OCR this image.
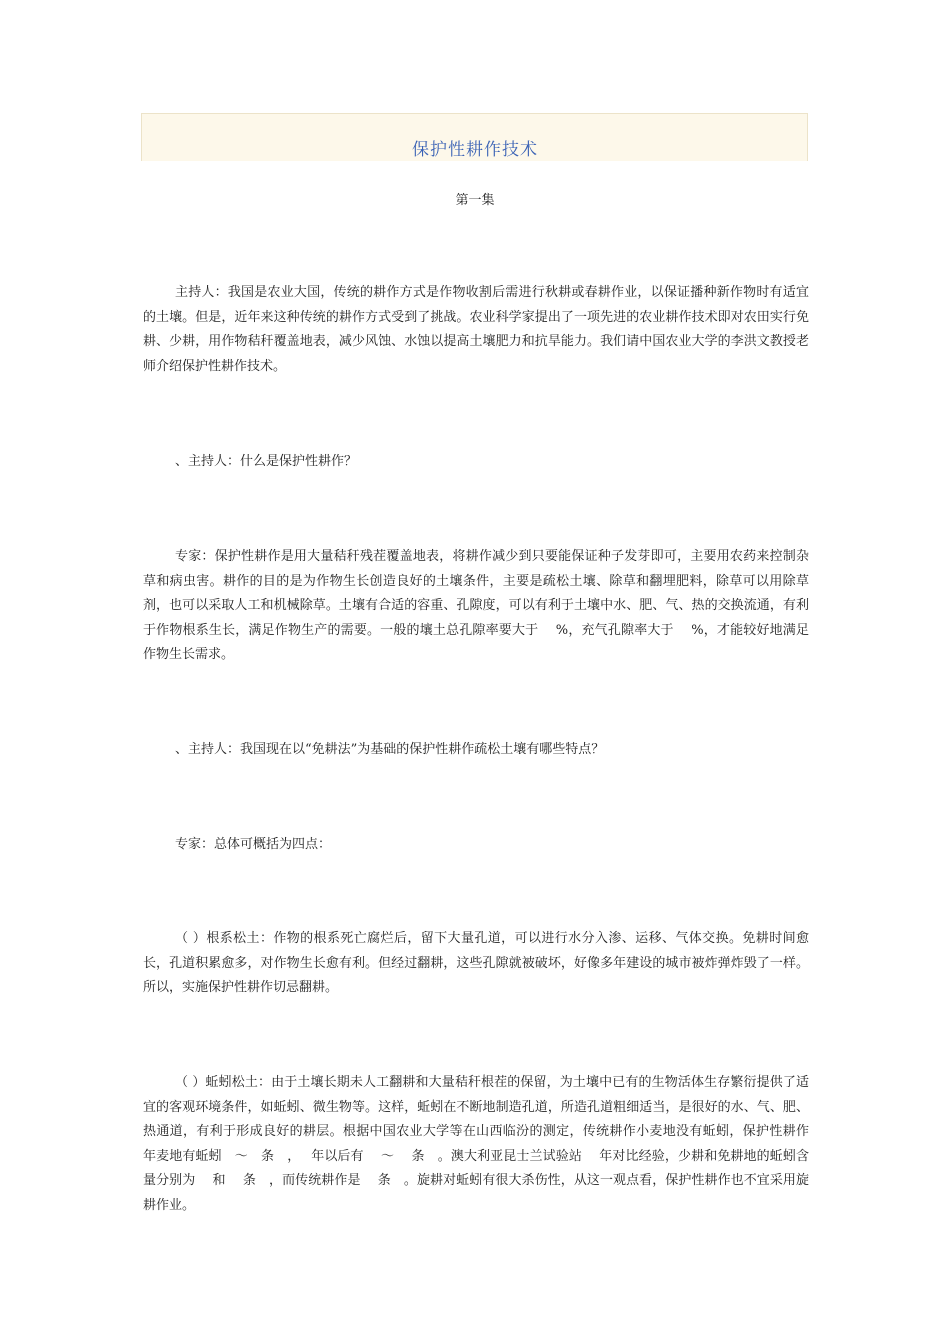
保护性耕作技术
第一集
主持人：我国是农业大国，传统的耕作方式是作物收割后需进行秋耕或春耕作业，以保证播种新作物时有适宜的土壤。但是，近年来这种传统的耕作方式受到了挑战。农业科学家提出了一项先进的农业耕作技术即对农田实行免耕、少耕，用作物秸秆覆盖地表，减少风蚀、水蚀以提高土壤肥力和抗旱能力。我们请中国农业大学的李洪文教授老师介绍保护性耕作技术。
、主持人：什么是保护性耕作？
专家：保护性耕作是用大量秸秆残茬覆盖地表，将耕作减少到只要能保证种子发芽即可，主要用农药来控制杂草和病虫害。耕作的目的是为作物生长创造良好的土壤条件，主要是疏松土壤、除草和翻埋肥料，除草可以用除草剂，也可以采取人工和机械除草。土壤有合适的容重、孔隙度，可以有利于土壤中水、肥、气、热的交换流通，有利于作物根系生长，满足作物生产的需要。一般的壤土总孔隙率要大于　 %，充气孔隙率大于　 %，才能较好地满足作物生长需求。
、主持人：我国现在以“免耕法”为基础的保护性耕作疏松土壤有哪些特点？
专家：总体可概括为四点：
（ ）根系松土：作物的根系死亡腐烂后，留下大量孔道，可以进行水分入渗、运移、气体交换。免耕时间愈长，孔道积累愈多，对作物生长愈有利。但经过翻耕，这些孔隙就被破坏，好像多年建设的城市被炸弹炸毁了一样。所以，实施保护性耕作切忌翻耕。
（ ）蚯蚓松土：由于土壤长期未人工翻耕和大量秸秆根茬的保留，为土壤中已有的生物活体生存繁衍提供了适宜的客观环境条件，如蚯蚓、微生物等。这样，蚯蚓在不断地制造孔道，所造孔道粗细适当，是很好的水、气、肥、热通道，有利于形成良好的耕层。根据中国农业大学等在山西临汾的测定，传统耕作小麦地没有蚯蚓，保护性耕作　年麦地有蚯蚓　～　条　，　 年以后有　 ～　 条　。澳大利亚昆士兰试验站　 年对比经验，少耕和免耕地的蚯蚓含量分别为　 和　 条　，而传统耕作是　 条　。旋耕对蚯蚓有很大杀伤性，从这一观点看，保护性耕作也不宜采用旋耕作业。
